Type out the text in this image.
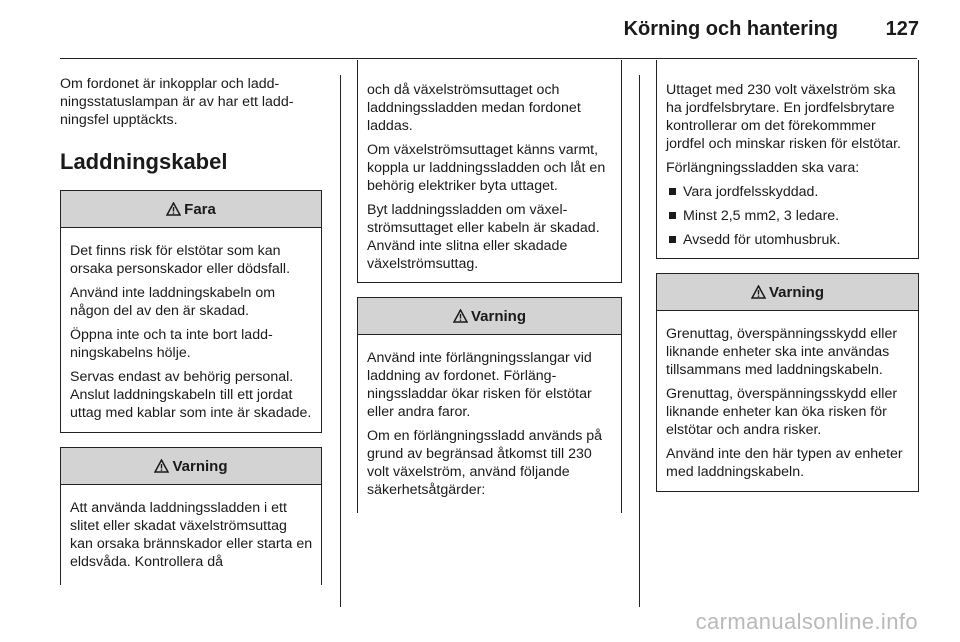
Körning och hantering 127

Om fordonet är inkopplar och laddningsstatuslampan är av har ett laddningsfel upptäckts.

Laddningskabel
Fara

Det finns risk för elstötar som kan orsaka personskador eller dödsfall.

Använd inte laddningskabeln om någon del av den är skadad.

Öppna inte och ta inte bort laddningskabelns hölje.

Servas endast av behörig personal. Anslut laddningskabeln till ett jordat uttag med kablar som inte är skadade.

Varning

Att använda laddningssladden i ett slitet eller skadat växelströmsuttag kan orsaka brännskador eller starta en eldsvåda. Kontrollera då

och då växelströmsuttaget och laddningssladden medan fordonet laddas.

Om växelströmsuttaget känns varmt, koppla ur laddningssladden och låt en behörig elektriker byta uttaget.

Byt laddningssladden om växelströmsuttaget eller kabeln är skadad. Använd inte slitna eller skadade växelströmsuttag.

Varning

Använd inte förlängningsslangar vid laddning av fordonet. Förlängningssladdar ökar risken för elstötar eller andra faror.

Om en förlängningssladd används på grund av begränsad åtkomst till 230 volt växelström, använd följande säkerhetsåtgärder:

Uttaget med 230 volt växelström ska ha jordfelsbrytare. En jordfelsbrytare kontrollerar om det förekommmer jordfel och minskar risken för elstötar.

Förlängningssladden ska vara:

Vara jordfelsskyddad.
Minst 2,5 mm2, 3 ledare.
Avsedd för utomhusbruk.
Varning

Grenuttag, överspänningsskydd eller liknande enheter ska inte användas tillsammans med laddningskabeln.

Grenuttag, överspänningsskydd eller liknande enheter kan öka risken för elstötar och andra risker.

Använd inte den här typen av enheter med laddningskabeln.

carmanualsonline.info
